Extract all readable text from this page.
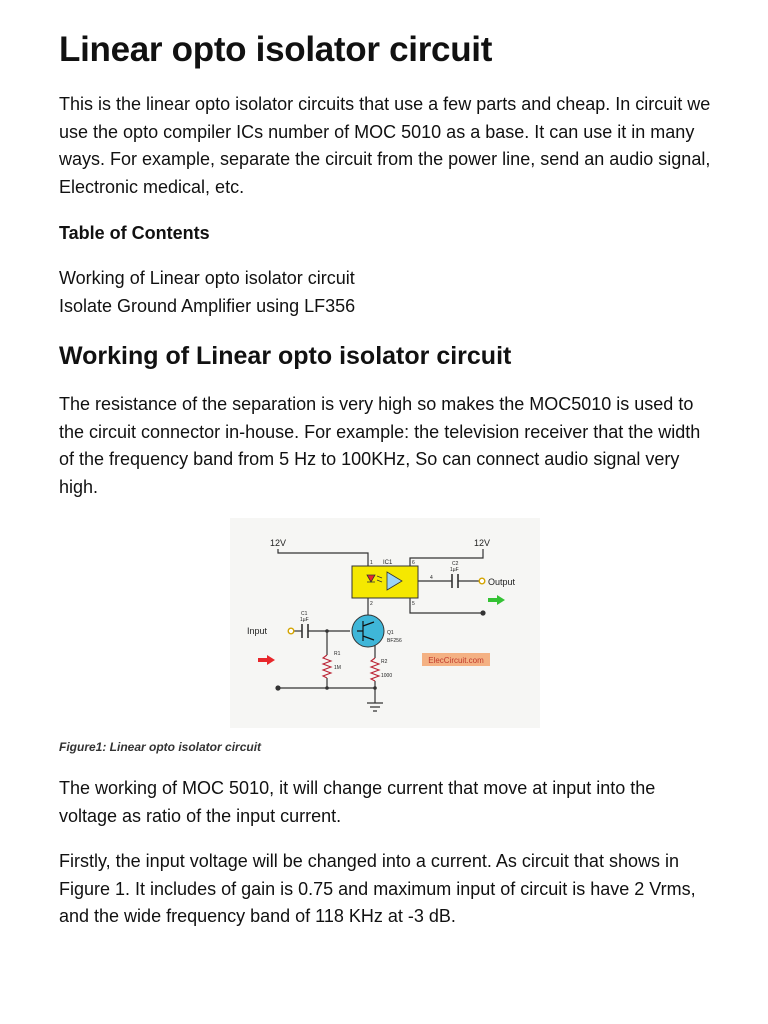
Linear opto isolator circuit

This is the linear opto isolator circuits that use a few parts and cheap. In circuit we use the opto compiler ICs number of MOC 5010 as a base. It can use it in many ways. For example, separate the circuit from the power line, send an audio signal, Electronic medical, etc.

Table of Contents
Working of Linear opto isolator circuit
Isolate Ground Amplifier using LF356
Working of Linear opto isolator circuit

The resistance of the separation is very high so makes the MOC5010 is used to the circuit connector in-house. For example: the television receiver that the width of the frequency band from 5 Hz to 100KHz, So can connect audio signal very high.

ElecCircuit.com
12V	12V
IC1
1	6
2
4
5
Input
Output
C1
1µF
C2
1µF
Q1
BF256
R1
1M
R2
1000

Figure1: Linear opto isolator circuit

The working of MOC 5010, it will change current that move at input into the voltage as ratio of the input current.

Firstly, the input voltage will be changed into a current. As circuit that shows in Figure 1. It includes of gain is 0.75 and maximum input of circuit is have 2 Vrms, and the wide frequency band of 118 KHz at -3 dB.
